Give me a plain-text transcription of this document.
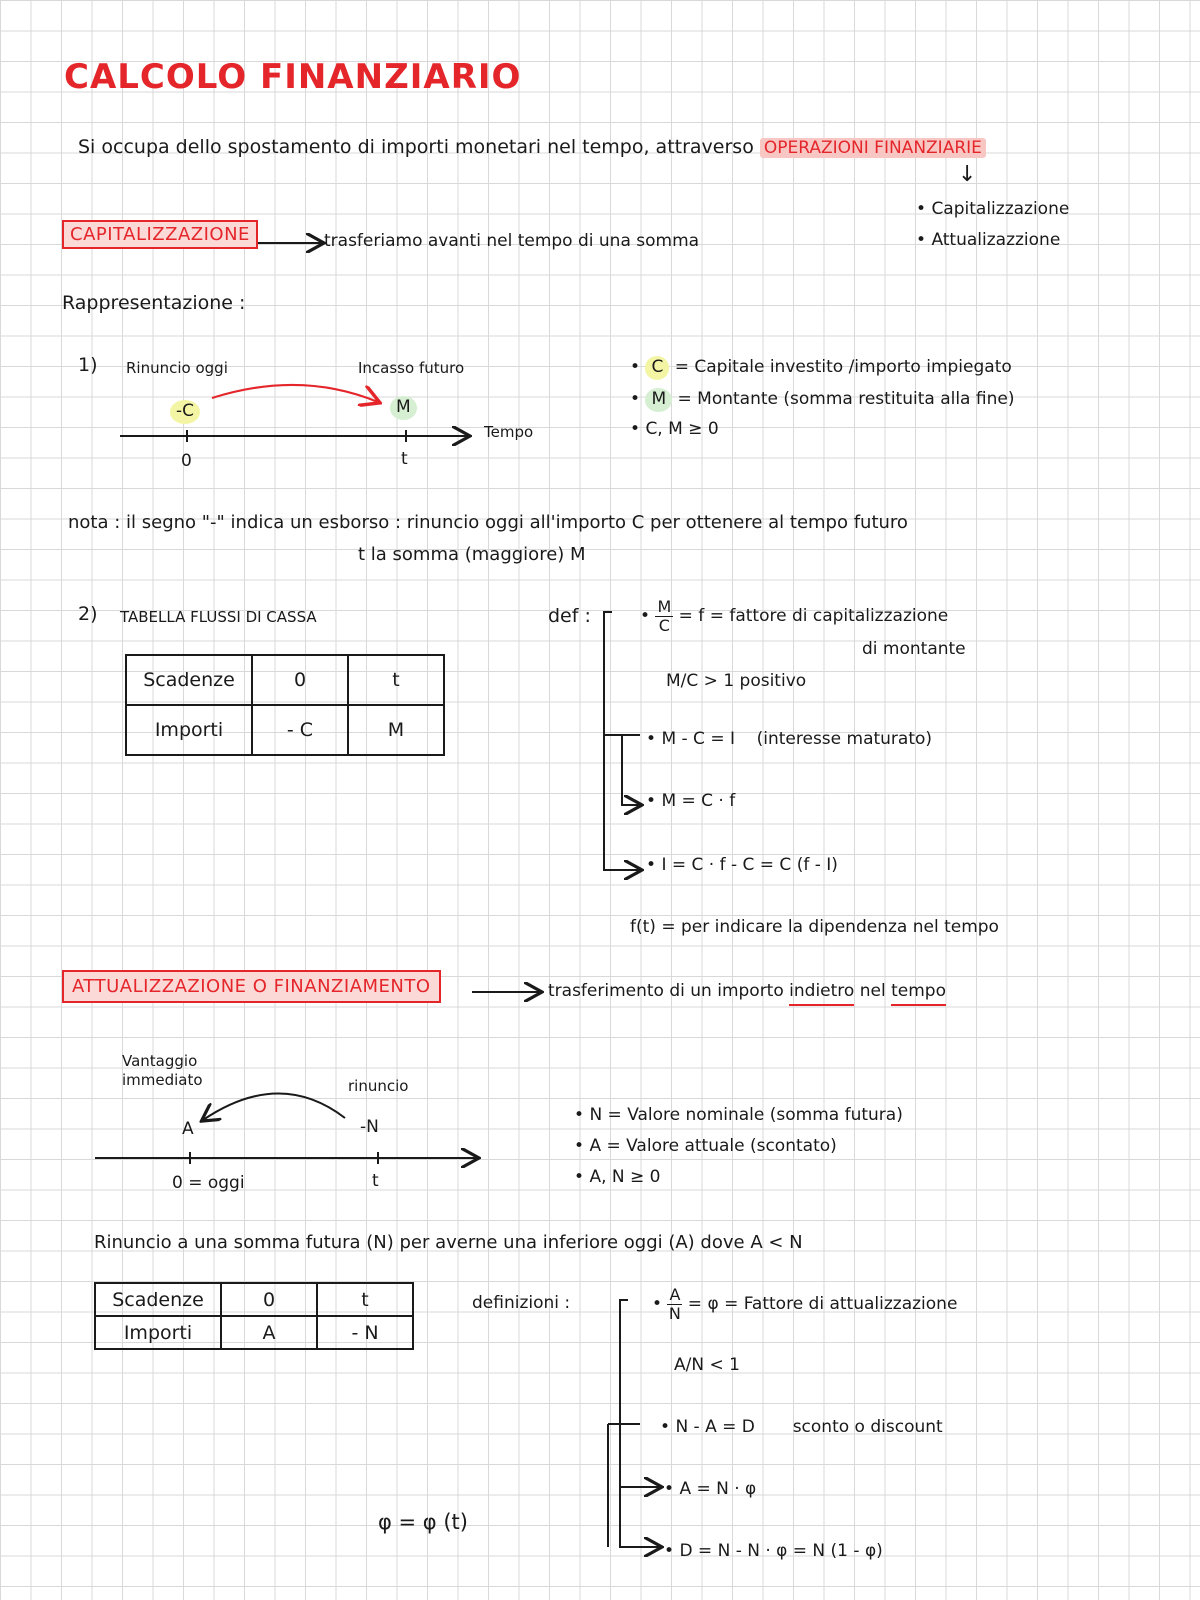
CALCOLO FINANZIARIO
Si occupa dello spostamento di importi monetari nel tempo, attraverso OPERAZIONI FINANZIARIE
↓
• Capitalizzazione
• Attualizazzione
CAPITALIZZAZIONE	trasferiamo avanti nel tempo di una somma
Rappresentazione :
1) Rinuncio oggi	Incasso futuro
-C	M
Tempo
0	t
• C = Capitale investito /importo impiegato
• M = Montante (somma restituita alla fine)
• C, M ≥ 0
nota : il segno "-" indica un esborso : rinuncio oggi all'importo C per ottenere al tempo futuro
t la somma (maggiore) M
2) TABELLA FLUSSI DI CASSA
Scadenze	0	t
Importi	- C	M
def :	• $\frac{M}{C} = f$ = fattore di capitalizzazione
di montante
M/C > 1 positivo
• M - C = I (interesse maturato)
• M = C · f
• I = C · f - C = C (f - I)
f(t) = per indicare la dipendenza nel tempo
ATTUALIZZAZIONE O FINANZIAMENTO	trasferimento di un importo indietro nel tempo
Vantaggio immediato	rinuncio
A	-N
0 = oggi	t
• N = Valore nominale (somma futura)
• A = Valore attuale (scontato)
• A, N ≥ 0
Rinuncio a una somma futura (N) per averne una inferiore oggi (A) dove A < N
Scadenze	0	t
Importi	A	- N
definizioni :	• $\frac{A}{N} = \varphi$ = Fattore di attualizzazione
A/N < 1
• N - A = D sconto o discount
• A = N · φ
• D = N - N · φ = N (1 - φ)
φ = φ (t)
